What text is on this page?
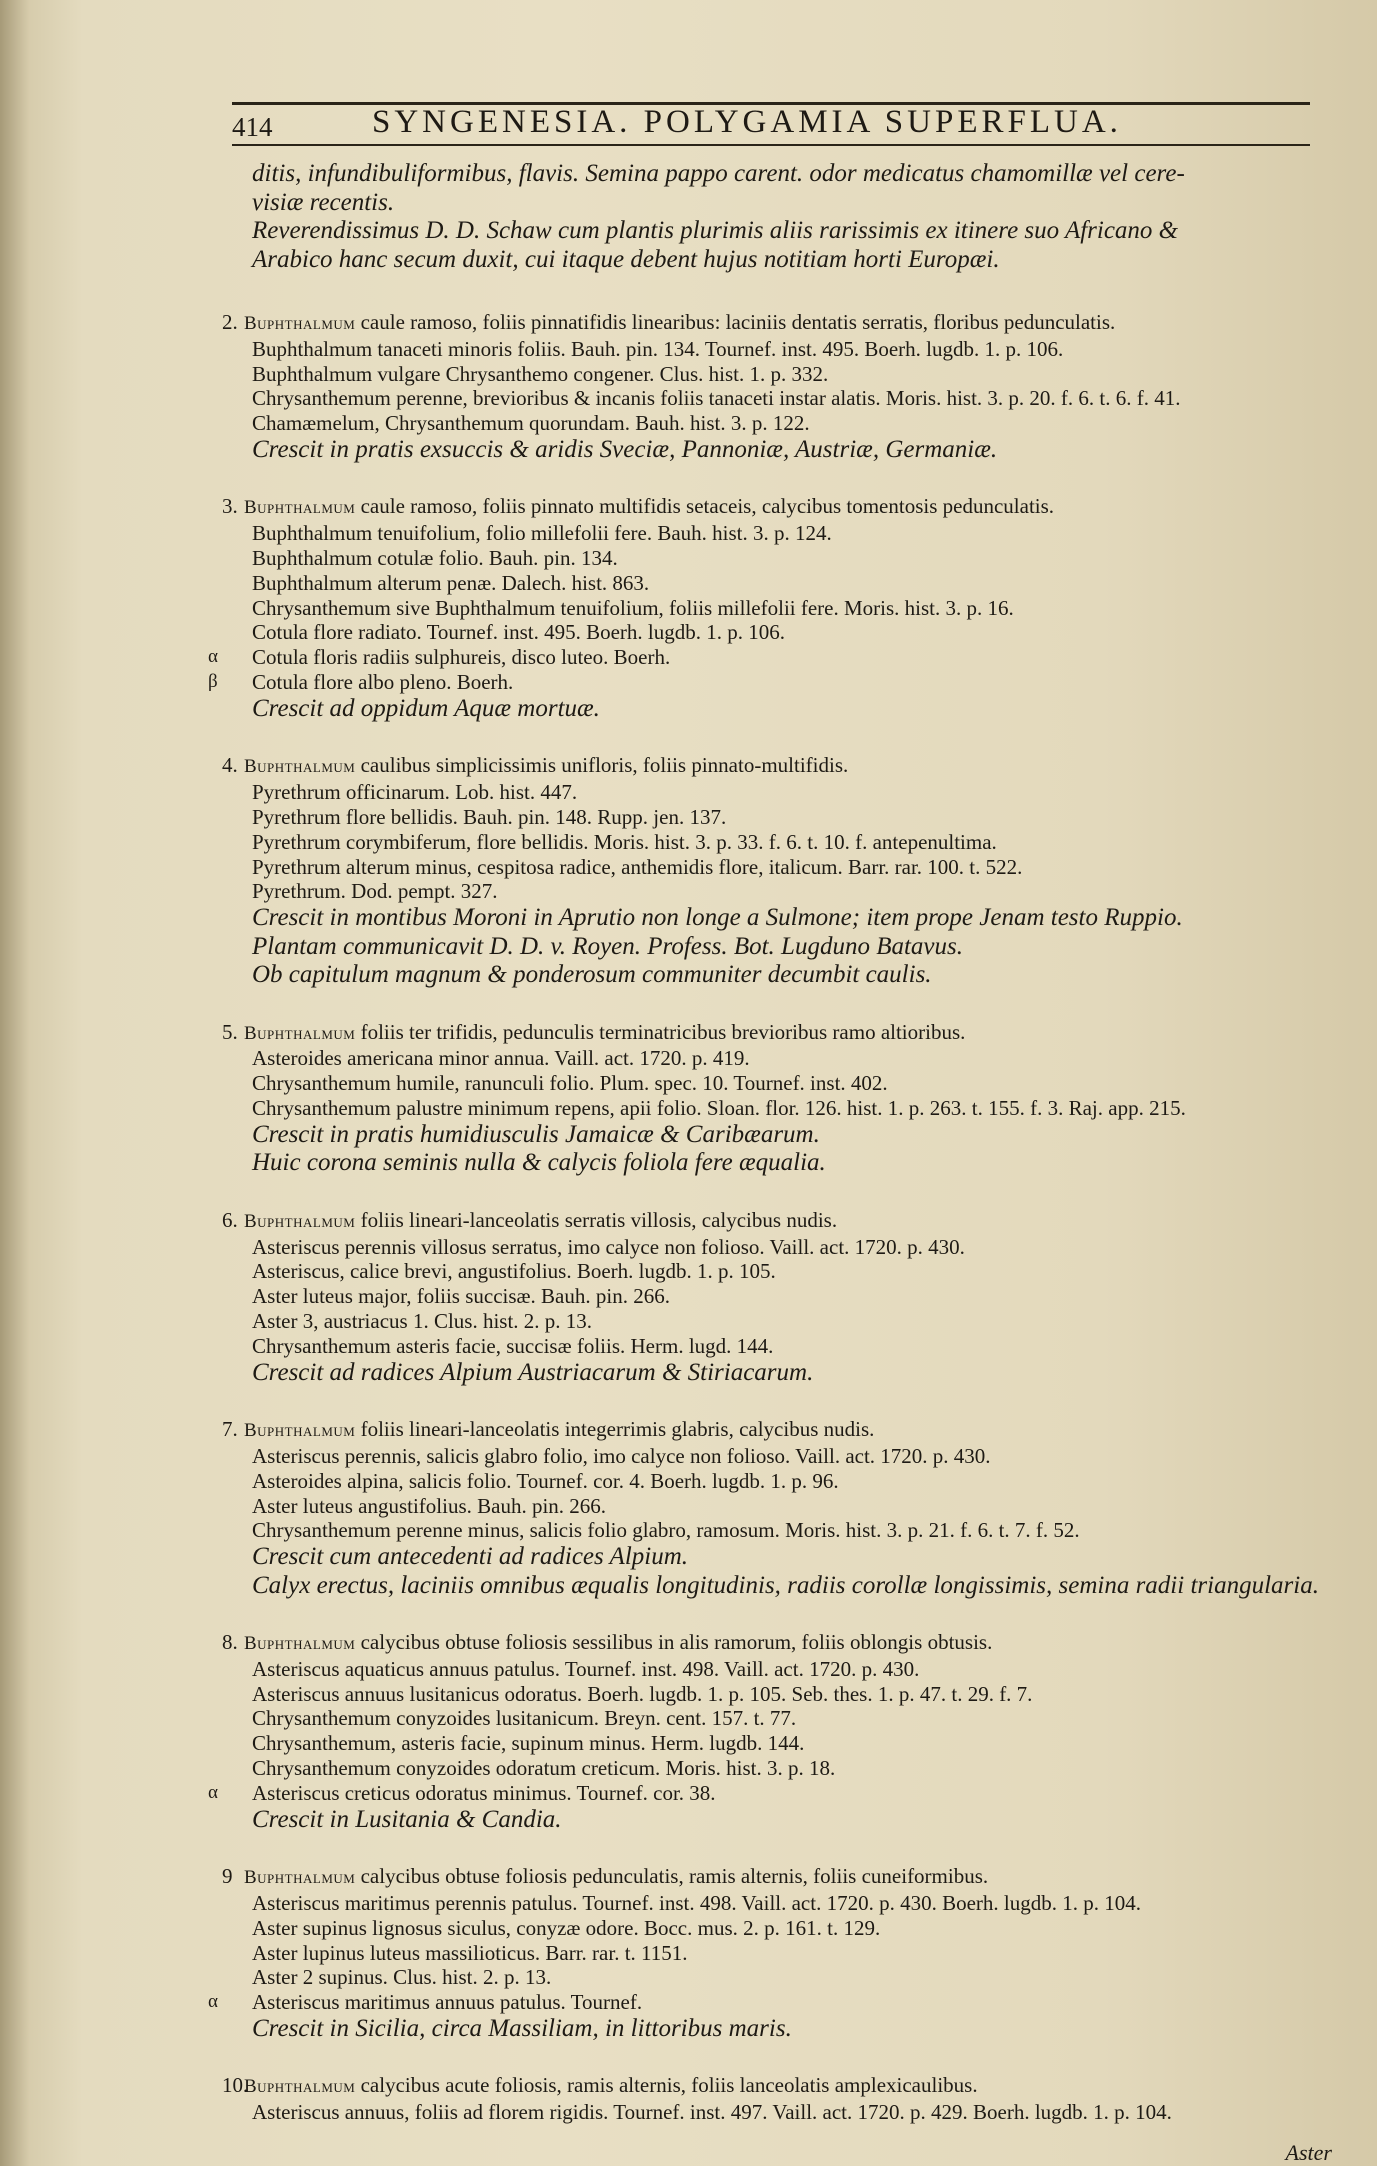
414	SYNGENESIA. POLYGAMIA SUPERFLUA.
ditis, infundibuliformibus, flavis. Semina pappo carent. odor medicatus chamomillæ vel cere-
visiæ recentis.
Reverendissimus D. D. Schaw cum plantis plurimis aliis rarissimis ex itinere suo Africano &
Arabico hanc secum duxit, cui itaque debent hujus notitiam horti Europæi.
2. Buphthalmum caule ramoso, foliis pinnatifidis linearibus: laciniis dentatis serratis, floribus pedunculatis.
Buphthalmum tanaceti minoris foliis. Bauh. pin. 134. Tournef. inst. 495. Boerh. lugdb. 1. p. 106.
Buphthalmum vulgare Chrysanthemo congener. Clus. hist. 1. p. 332.
Chrysanthemum perenne, brevioribus & incanis foliis tanaceti instar alatis. Moris. hist. 3. p. 20. f. 6. t. 6. f. 41.
Chamæmelum, Chrysanthemum quorundam. Bauh. hist. 3. p. 122.
Crescit in pratis exsuccis & aridis Sveciæ, Pannoniæ, Austriæ, Germaniæ.
3. Buphthalmum caule ramoso, foliis pinnato multifidis setaceis, calycibus tomentosis pedunculatis.
Buphthalmum tenuifolium, folio millefolii fere. Bauh. hist. 3. p. 124.
Buphthalmum cotulæ folio. Bauh. pin. 134.
Buphthalmum alterum penæ. Dalech. hist. 863.
Chrysanthemum sive Buphthalmum tenuifolium, foliis millefolii fere. Moris. hist. 3. p. 16.
Cotula flore radiato. Tournef. inst. 495. Boerh. lugdb. 1. p. 106.
α Cotula floris radiis sulphureis, disco luteo. Boerh.
β Cotula flore albo pleno. Boerh.
Crescit ad oppidum Aquæ mortuæ.
4. Buphthalmum caulibus simplicissimis unifloris, foliis pinnato-multifidis.
Pyrethrum officinarum. Lob. hist. 447.
Pyrethrum flore bellidis. Bauh. pin. 148. Rupp. jen. 137.
Pyrethrum corymbiferum, flore bellidis. Moris. hist. 3. p. 33. f. 6. t. 10. f. antepenultima.
Pyrethrum alterum minus, cespitosa radice, anthemidis flore, italicum. Barr. rar. 100. t. 522.
Pyrethrum. Dod. pempt. 327.
Crescit in montibus Moroni in Aprutio non longe a Sulmone; item prope Jenam testo Ruppio.
Plantam communicavit D. D. v. Royen. Profess. Bot. Lugduno Batavus.
Ob capitulum magnum & ponderosum communiter decumbit caulis.
5. Buphthalmum foliis ter trifidis, pedunculis terminatricibus brevioribus ramo altioribus.
Asteroides americana minor annua. Vaill. act. 1720. p. 419.
Chrysanthemum humile, ranunculi folio. Plum. spec. 10. Tournef. inst. 402.
Chrysanthemum palustre minimum repens, apii folio. Sloan. flor. 126. hist. 1. p. 263. t. 155. f. 3. Raj. app. 215.
Crescit in pratis humidiusculis Jamaicæ & Caribæarum.
Huic corona seminis nulla & calycis foliola fere æqualia.
6. Buphthalmum foliis lineari-lanceolatis serratis villosis, calycibus nudis.
Asteriscus perennis villosus serratus, imo calyce non folioso. Vaill. act. 1720. p. 430.
Asteriscus, calice brevi, angustifolius. Boerh. lugdb. 1. p. 105.
Aster luteus major, foliis succisæ. Bauh. pin. 266.
Aster 3, austriacus 1. Clus. hist. 2. p. 13.
Chrysanthemum asteris facie, succisæ foliis. Herm. lugd. 144.
Crescit ad radices Alpium Austriacarum & Stiriacarum.
7. Buphthalmum foliis lineari-lanceolatis integerrimis glabris, calycibus nudis.
Asteriscus perennis, salicis glabro folio, imo calyce non folioso. Vaill. act. 1720. p. 430.
Asteroides alpina, salicis folio. Tournef. cor. 4. Boerh. lugdb. 1. p. 96.
Aster luteus angustifolius. Bauh. pin. 266.
Chrysanthemum perenne minus, salicis folio glabro, ramosum. Moris. hist. 3. p. 21. f. 6. t. 7. f. 52.
Crescit cum antecedenti ad radices Alpium.
Calyx erectus, laciniis omnibus æqualis longitudinis, radiis corollæ longissimis, semina radii triangularia.
8. Buphthalmum calycibus obtuse foliosis sessilibus in alis ramorum, foliis oblongis obtusis.
Asteriscus aquaticus annuus patulus. Tournef. inst. 498. Vaill. act. 1720. p. 430.
Asteriscus annuus lusitanicus odoratus. Boerh. lugdb. 1. p. 105. Seb. thes. 1. p. 47. t. 29. f. 7.
Chrysanthemum conyzoides lusitanicum. Breyn. cent. 157. t. 77.
Chrysanthemum, asteris facie, supinum minus. Herm. lugdb. 144.
Chrysanthemum conyzoides odoratum creticum. Moris. hist. 3. p. 18.
α Asteriscus creticus odoratus minimus. Tournef. cor. 38.
Crescit in Lusitania & Candia.
9 Buphthalmum calycibus obtuse foliosis pedunculatis, ramis alternis, foliis cuneiformibus.
Asteriscus maritimus perennis patulus. Tournef. inst. 498. Vaill. act. 1720. p. 430. Boerh. lugdb. 1. p. 104.
Aster supinus lignosus siculus, conyzæ odore. Bocc. mus. 2. p. 161. t. 129.
Aster lupinus luteus massilioticus. Barr. rar. t. 1151.
Aster 2 supinus. Clus. hist. 2. p. 13.
α Asteriscus maritimus annuus patulus. Tournef.
Crescit in Sicilia, circa Massiliam, in littoribus maris.
10.Buphthalmum calycibus acute foliosis, ramis alternis, foliis lanceolatis amplexicaulibus.
Asteriscus annuus, foliis ad florem rigidis. Tournef. inst. 497. Vaill. act. 1720. p. 429. Boerh. lugdb. 1. p. 104.
Aster
